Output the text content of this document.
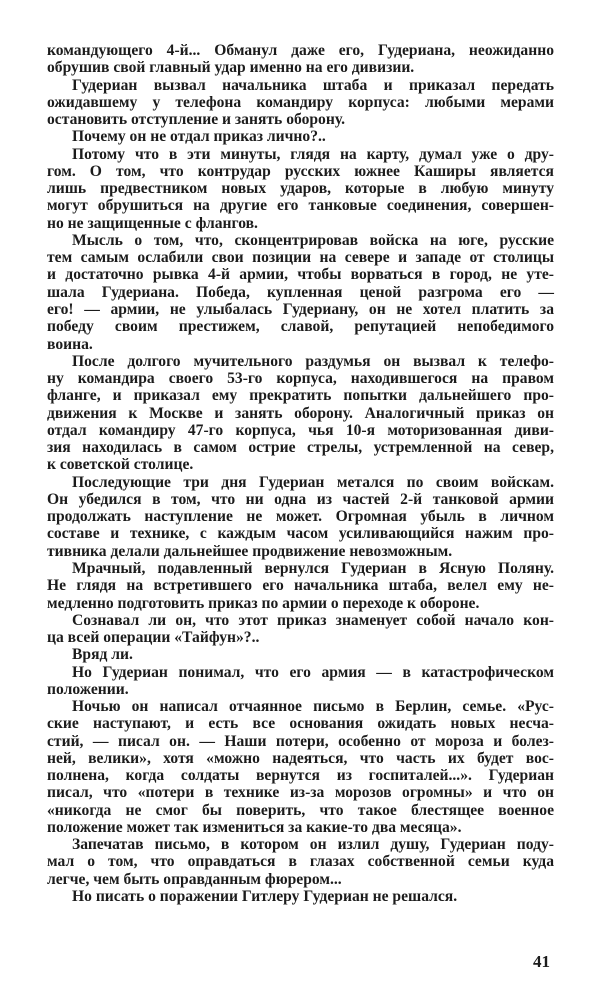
командующего 4-й... Обманул даже его, Гудериана, неожиданно
обрушив свой главный удар именно на его дивизии.
Гудериан вызвал начальника штаба и приказал передать
ожидавшему у телефона командиру корпуса: любыми мерами
остановить отступление и занять оборону.
Почему он не отдал приказ лично?..
Потому что в эти минуты, глядя на карту, думал уже о дру-
гом. О том, что контрудар русских южнее Каширы является
лишь предвестником новых ударов, которые в любую минуту
могут обрушиться на другие его танковые соединения, совершен-
но не защищенные с флангов.
Мысль о том, что, сконцентрировав войска на юге, русские
тем самым ослабили свои позиции на севере и западе от столицы
и достаточно рывка 4-й армии, чтобы ворваться в город, не уте-
шала Гудериана. Победа, купленная ценой разгрома его —
его! — армии, не улыбалась Гудериану, он не хотел платить за
победу своим престижем, славой, репутацией непобедимого
воина.
После долгого мучительного раздумья он вызвал к телефо-
ну командира своего 53-го корпуса, находившегося на правом
фланге, и приказал ему прекратить попытки дальнейшего про-
движения к Москве и занять оборону. Аналогичный приказ он
отдал командиру 47-го корпуса, чья 10-я моторизованная диви-
зия находилась в самом острие стрелы, устремленной на север,
к советской столице.
Последующие три дня Гудериан метался по своим войскам.
Он убедился в том, что ни одна из частей 2-й танковой армии
продолжать наступление не может. Огромная убыль в личном
составе и технике, с каждым часом усиливающийся нажим про-
тивника делали дальнейшее продвижение невозможным.
Мрачный, подавленный вернулся Гудериан в Ясную Поляну.
Не глядя на встретившего его начальника штаба, велел ему не-
медленно подготовить приказ по армии о переходе к обороне.
Сознавал ли он, что этот приказ знаменует собой начало кон-
ца всей операции «Тайфун»?..
Вряд ли.
Но Гудериан понимал, что его армия — в катастрофическом
положении.
Ночью он написал отчаянное письмо в Берлин, семье. «Рус-
ские наступают, и есть все основания ожидать новых несча-
стий, — писал он. — Наши потери, особенно от мороза и болез-
ней, велики», хотя «можно надеяться, что часть их будет вос-
полнена, когда солдаты вернутся из госпиталей...». Гудериан
писал, что «потери в технике из-за морозов огромны» и что он
«никогда не смог бы поверить, что такое блестящее военное
положение может так измениться за какие-то два месяца».
Запечатав письмо, в котором он излил душу, Гудериан поду-
мал о том, что оправдаться в глазах собственной семьи куда
легче, чем быть оправданным фюрером...
Но писать о поражении Гитлеру Гудериан не решался.
41
